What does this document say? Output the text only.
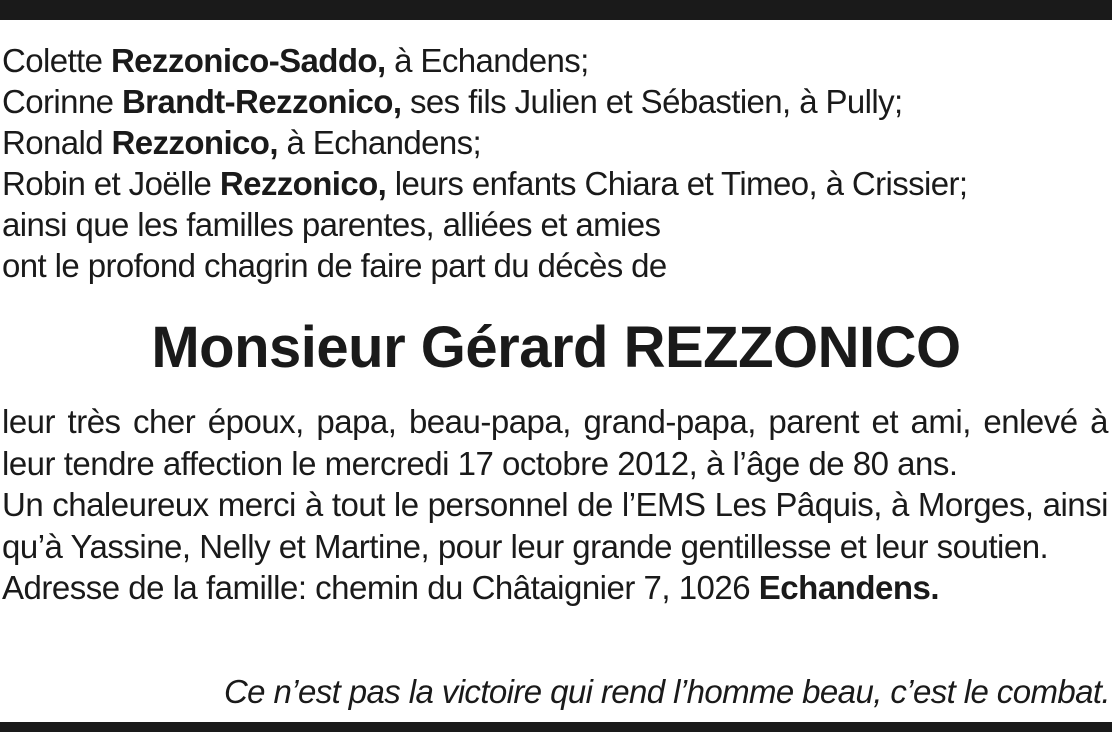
Colette Rezzonico-Saddo, à Echandens;
Corinne Brandt-Rezzonico, ses fils Julien et Sébastien, à Pully;
Ronald Rezzonico, à Echandens;
Robin et Joëlle Rezzonico, leurs enfants Chiara et Timeo, à Crissier;
ainsi que les familles parentes, alliées et amies
ont le profond chagrin de faire part du décès de
Monsieur Gérard REZZONICO

leur très cher époux, papa, beau-papa, grand-papa, parent et ami, enlevé à leur tendre affection le mercredi 17 octobre 2012, à l’âge de 80 ans.

Un chaleureux merci à tout le personnel de l’EMS Les Pâquis, à Morges, ainsi qu’à Yassine, Nelly et Martine, pour leur grande gentillesse et leur soutien.

Adresse de la famille: chemin du Châtaignier 7, 1026 Echandens.

Ce n’est pas la victoire qui rend l’homme beau, c’est le combat.
